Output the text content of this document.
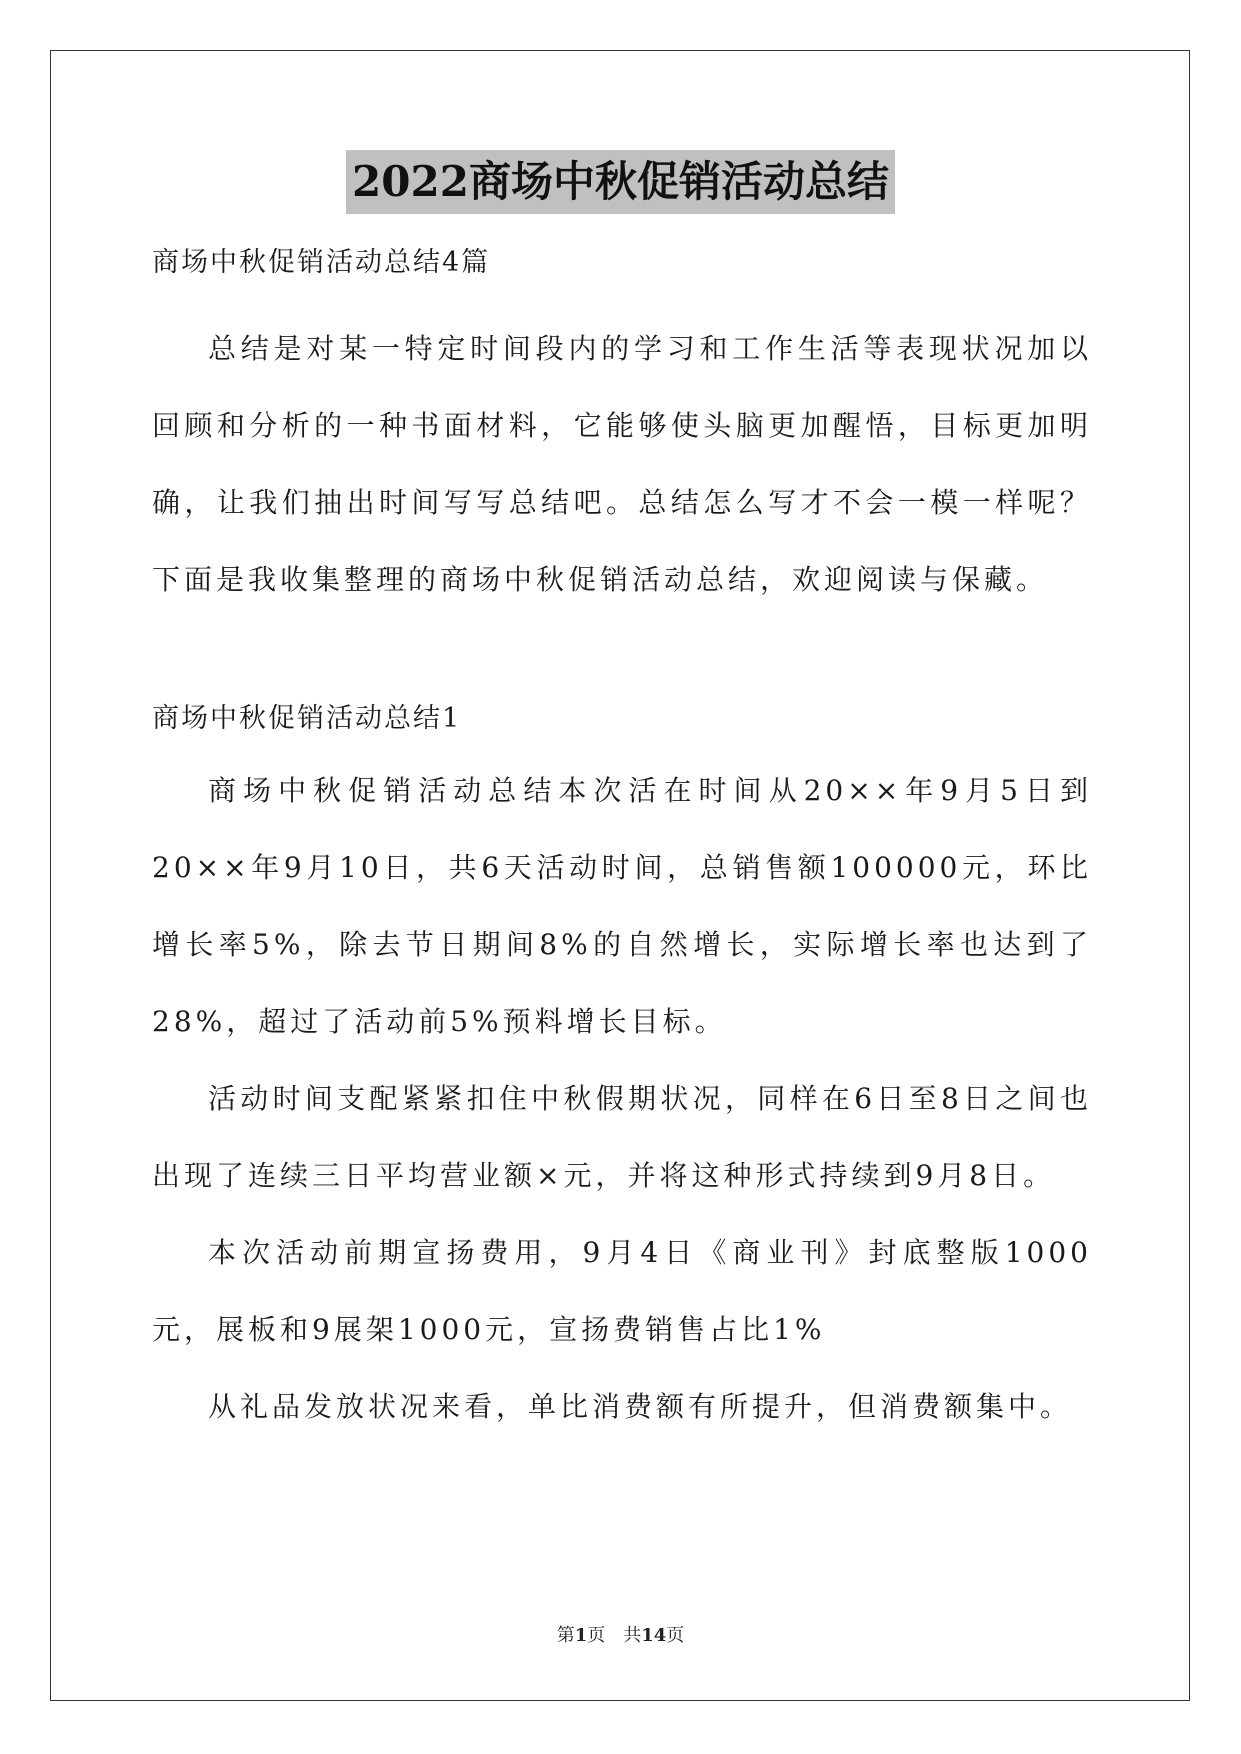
2022商场中秋促销活动总结

商场中秋促销活动总结4篇

总结是对某一特定时间段内的学习和工作生活等表现状况加以回顾和分析的一种书面材料，它能够使头脑更加醒悟，目标更加明确，让我们抽出时间写写总结吧。总结怎么写才不会一模一样呢？下面是我收集整理的商场中秋促销活动总结，欢迎阅读与保藏。

商场中秋促销活动总结1

商场中秋促销活动总结本次活在时间从20××年9月5日到20××年9月10日，共6天活动时间，总销售额100000元，环比增长率5%，除去节日期间8%的自然增长，实际增长率也达到了28%，超过了活动前5%预料增长目标。

活动时间支配紧紧扣住中秋假期状况，同样在6日至8日之间也出现了连续三日平均营业额×元，并将这种形式持续到9月8日。

本次活动前期宣扬费用，9月4日《商业刊》封底整版1000元，展板和9展架1000元，宣扬费销售占比1%

从礼品发放状况来看，单比消费额有所提升，但消费额集中。

第1页　共14页
